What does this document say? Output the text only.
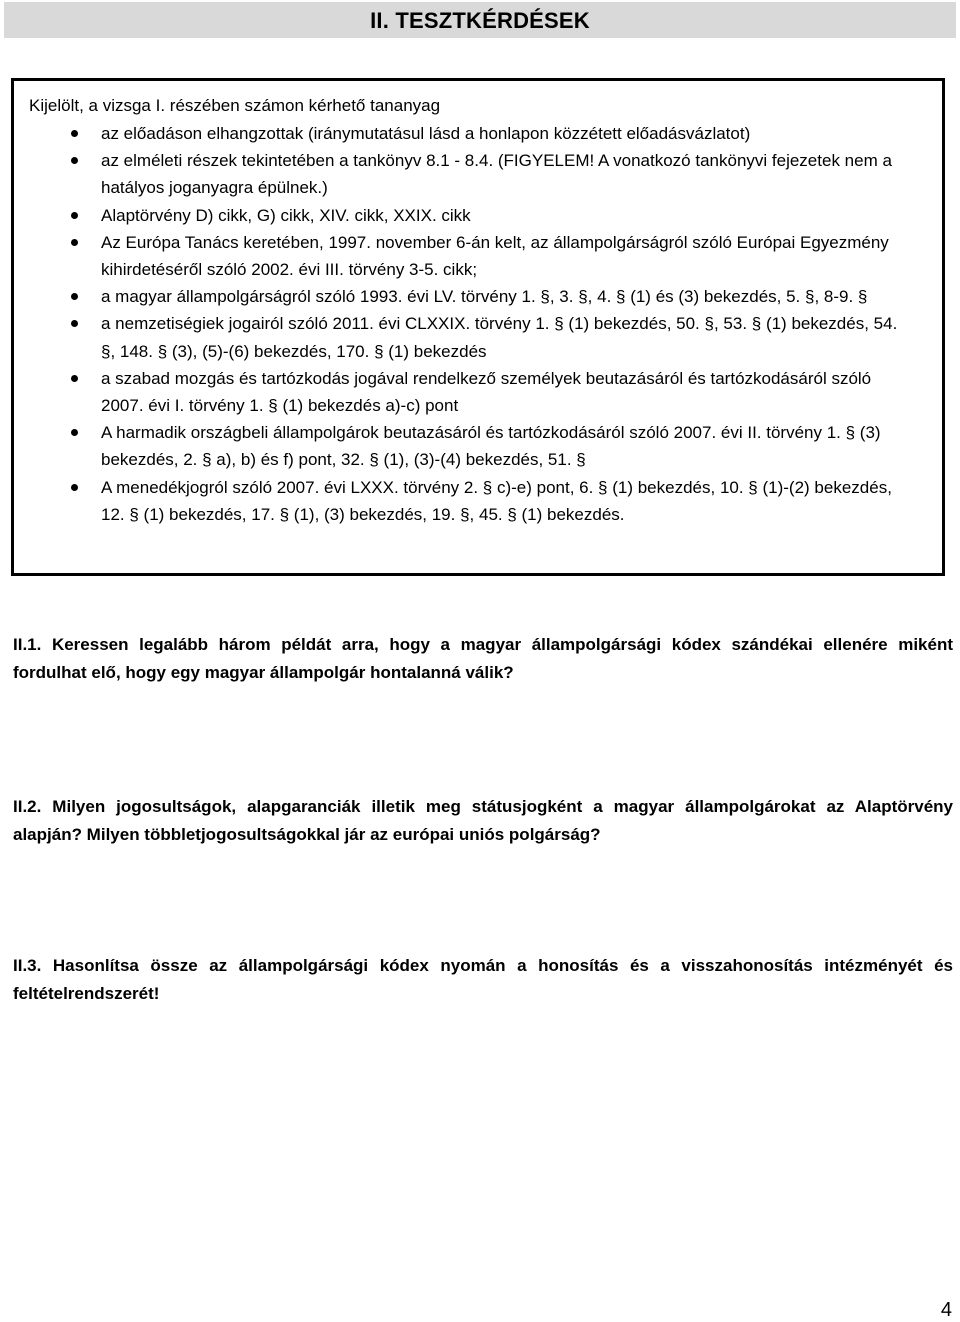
II. TESZTKÉRDÉSEK
Kijelölt, a vizsga I. részében számon kérhető tananyag
az előadáson elhangzottak (iránymutatásul lásd a honlapon közzétett előadásvázlatot)
az elméleti részek tekintetében a tankönyv 8.1 - 8.4. (FIGYELEM! A vonatkozó tankönyvi fejezetek nem a hatályos joganyagra épülnek.)
Alaptörvény D) cikk, G) cikk, XIV. cikk, XXIX. cikk
Az Európa Tanács keretében, 1997. november 6-án kelt, az állampolgárságról szóló Európai Egyezmény kihirdetéséről szóló 2002. évi III. törvény 3-5. cikk;
a magyar állampolgárságról szóló 1993. évi LV. törvény 1. §, 3. §, 4. § (1) és (3) bekezdés, 5. §, 8-9. §
a nemzetiségiek jogairól szóló 2011. évi CLXXIX. törvény 1. § (1) bekezdés, 50. §, 53. § (1) bekezdés, 54. §, 148. § (3), (5)-(6) bekezdés, 170. § (1) bekezdés
a szabad mozgás és tartózkodás jogával rendelkező személyek beutazásáról és tartózkodásáról szóló 2007. évi I. törvény 1. § (1) bekezdés a)-c) pont
A harmadik országbeli állampolgárok beutazásáról és tartózkodásáról szóló 2007. évi II. törvény 1. § (3) bekezdés, 2. § a), b) és f) pont, 32. § (1), (3)-(4) bekezdés, 51. §
A menedékjogról szóló 2007. évi LXXX. törvény 2. § c)-e) pont, 6. § (1) bekezdés, 10. § (1)-(2) bekezdés, 12. § (1) bekezdés, 17. § (1), (3) bekezdés, 19. §, 45. § (1) bekezdés.
II.1. Keressen legalább három példát arra, hogy a magyar állampolgársági kódex szándékai ellenére miként fordulhat elő, hogy egy magyar állampolgár hontalanná válik?
II.2. Milyen jogosultságok, alapgaranciák illetik meg státusjogként a magyar állampolgárokat az Alaptörvény alapján? Milyen többletjogosultságokkal jár az európai uniós polgárság?
II.3. Hasonlítsa össze az állampolgársági kódex nyomán a honosítás és a visszahonosítás intézményét és feltételrendszerét!
4
